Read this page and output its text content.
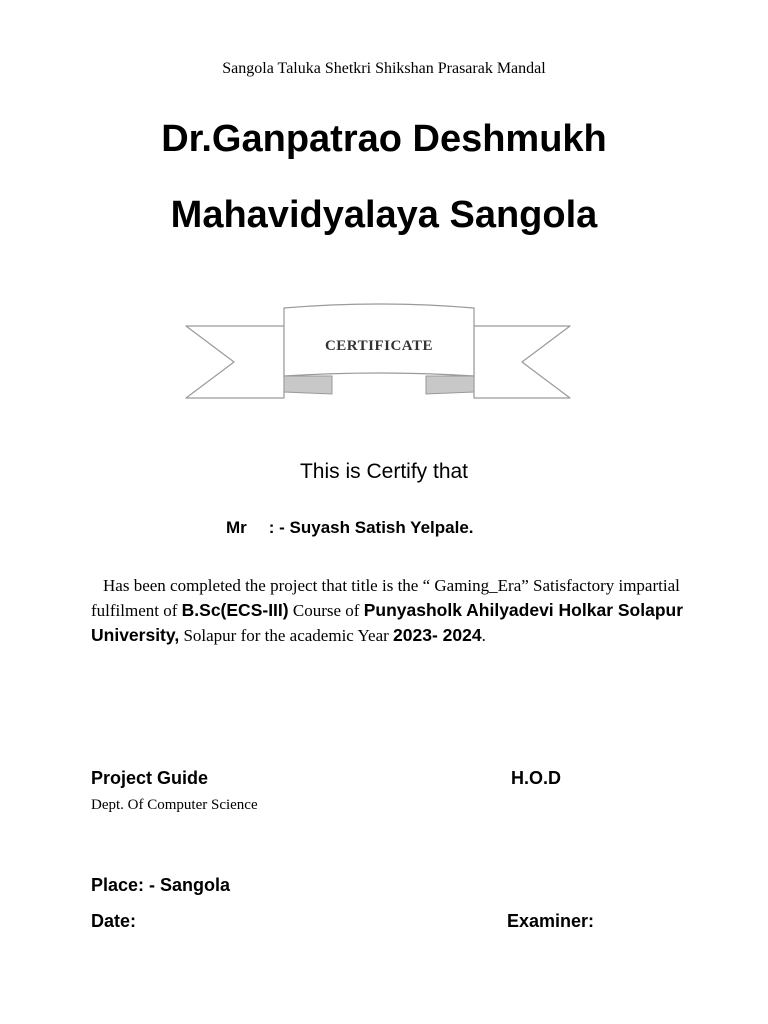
Sangola Taluka Shetkri Shikshan Prasarak Mandal
Dr.Ganpatrao Deshmukh
Mahavidyalaya Sangola
CERTIFICATE
This is Certify that
Mr : - Suyash Satish Yelpale.
Has been completed the project that title is the “ Gaming_Era” Satisfactory impartial fulfilment of B.Sc(ECS-III) Course of Punyasholk Ahilyadevi Holkar Solapur University, Solapur for the academic Year 2023- 2024.
Project Guide	H.O.D
Dept. Of Computer Science
Place: - Sangola
Date:	Examiner:
